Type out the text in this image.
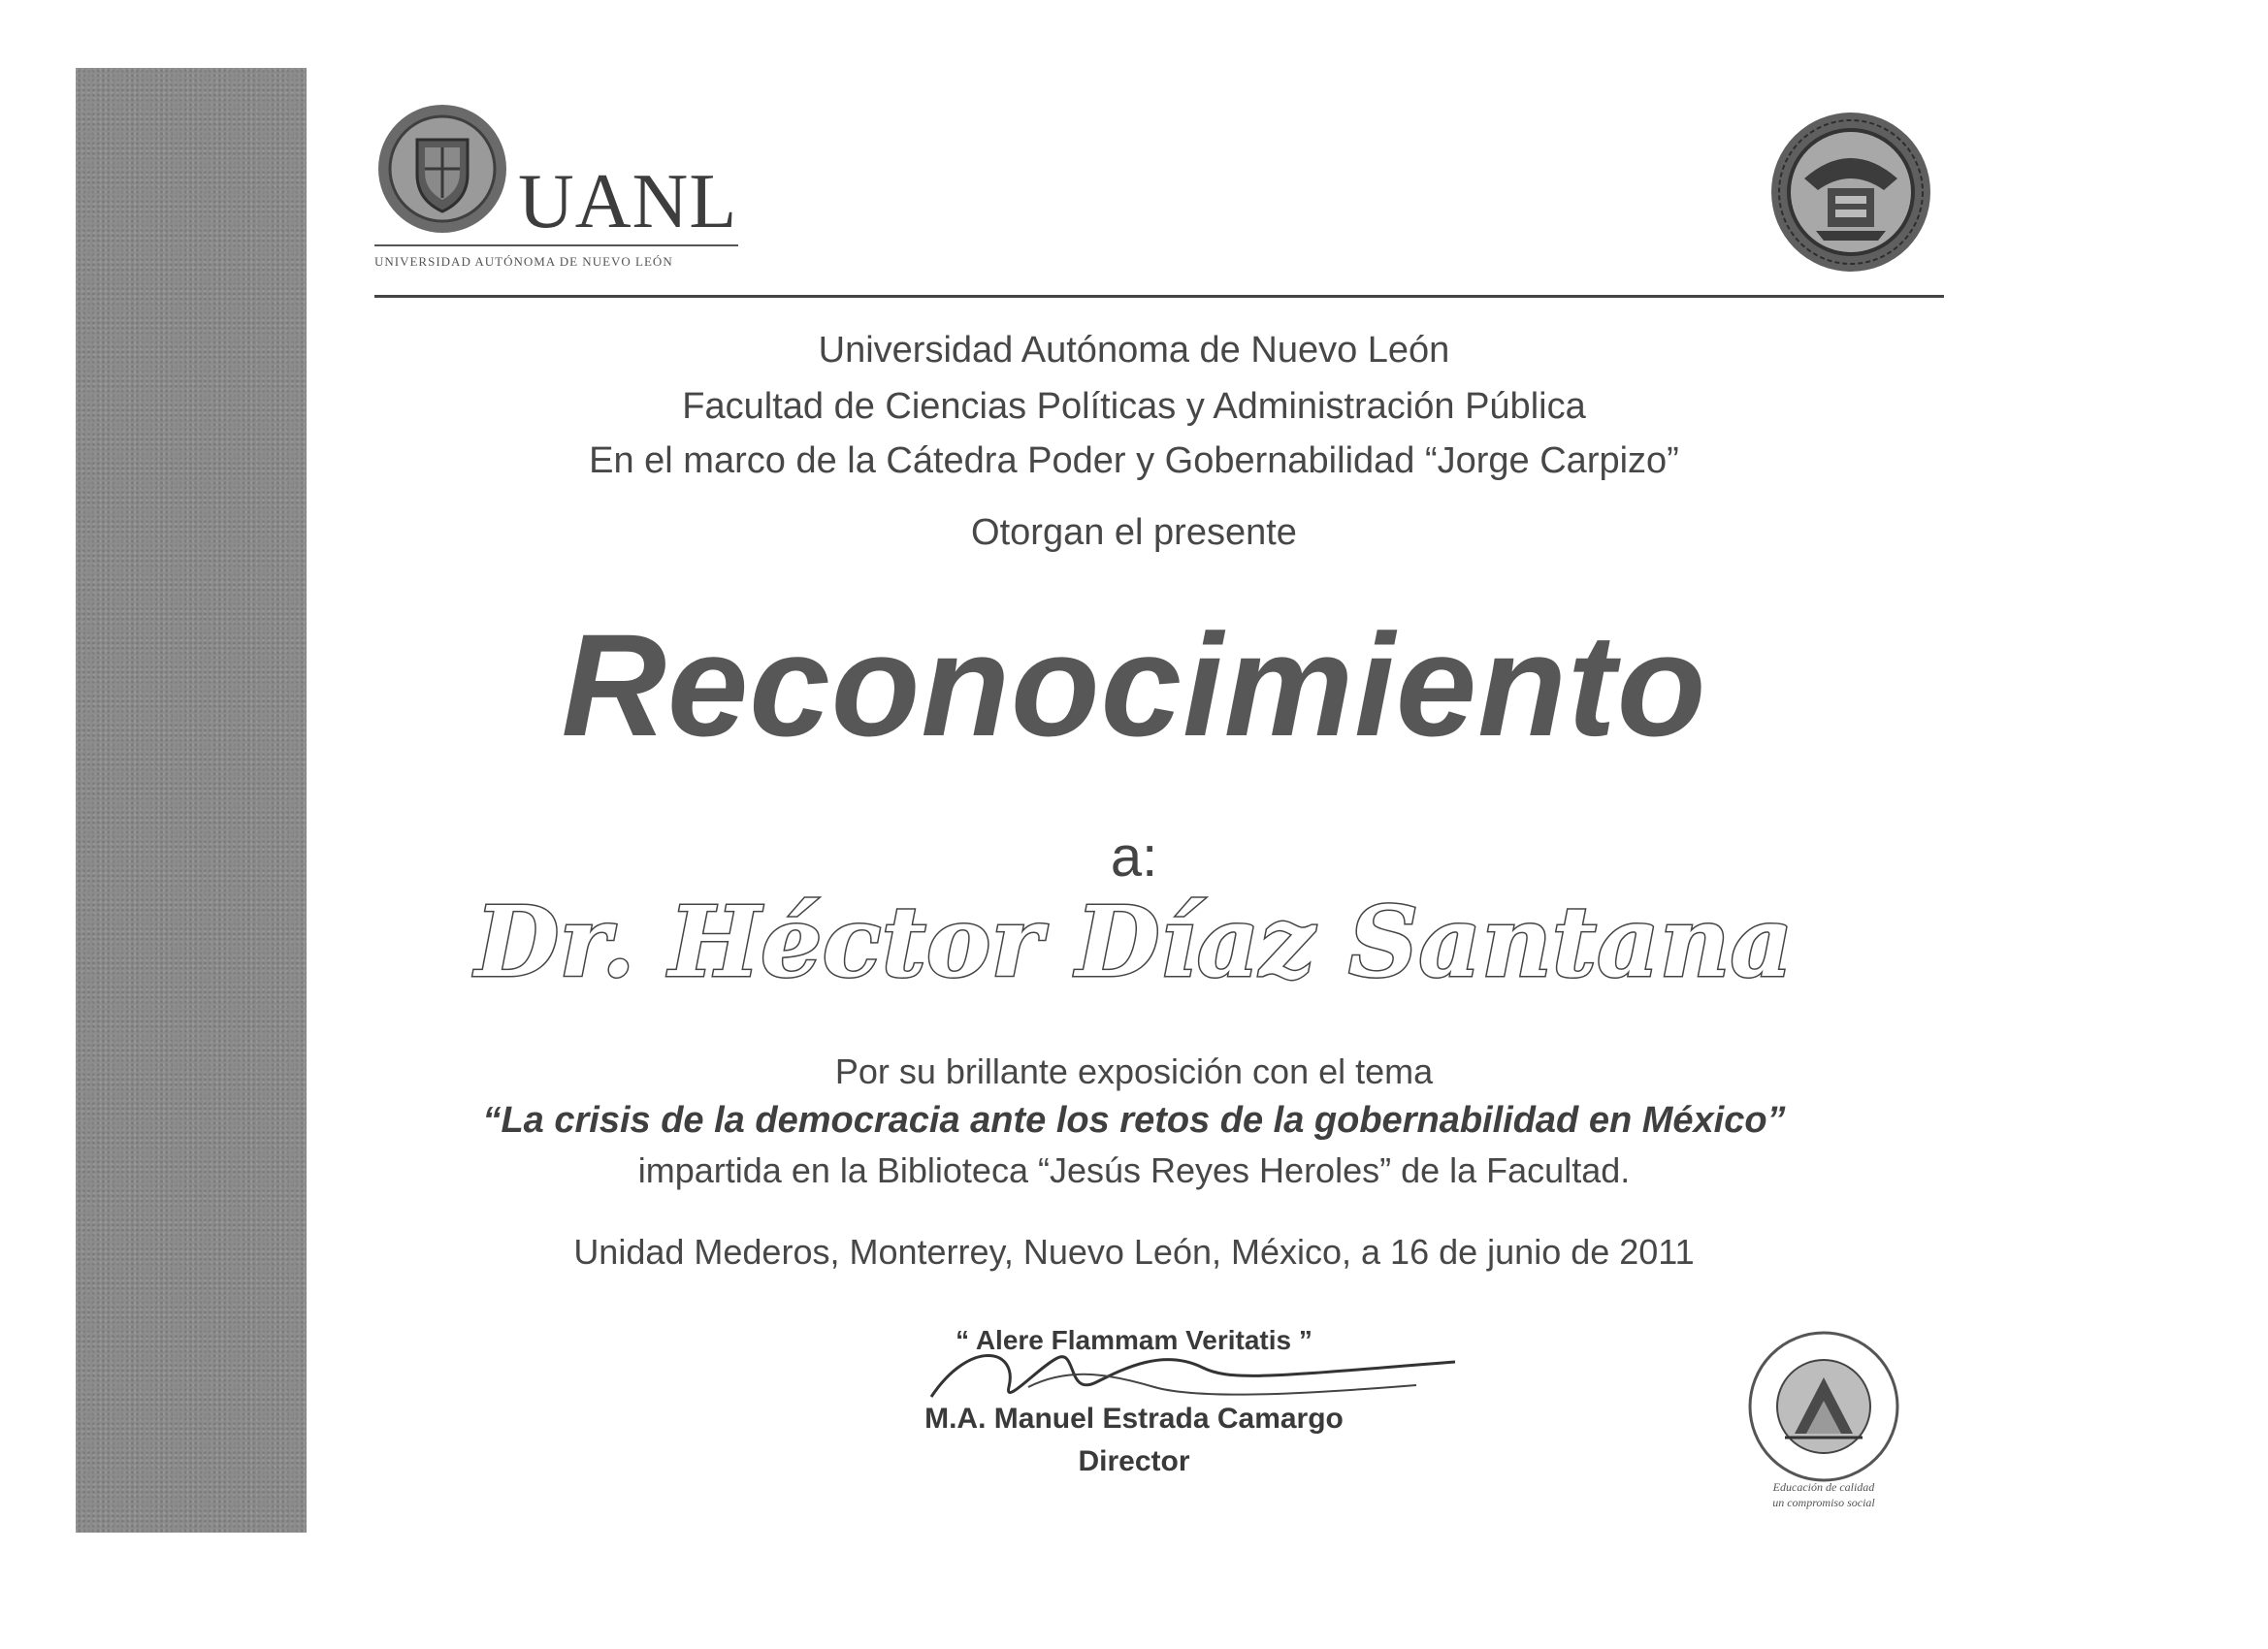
UANL
UNIVERSIDAD AUTÓNOMA DE NUEVO LEÓN
Universidad Autónoma de Nuevo León
Facultad de Ciencias Políticas y Administración Pública
En el marco de la Cátedra Poder y Gobernabilidad “Jorge Carpizo”
Otorgan el presente
Reconocimiento
a:
Dr. Héctor Díaz Santana
Por su brillante exposición con el tema
“La crisis de la democracia ante los retos de la gobernabilidad en México”
impartida en la Biblioteca “Jesús Reyes Heroles” de la Facultad.
Unidad Mederos, Monterrey, Nuevo León, México, a 16 de junio de 2011
“ Alere Flammam Veritatis ”
M.A. Manuel Estrada Camargo
Director
Educación de calidad
un compromiso social
